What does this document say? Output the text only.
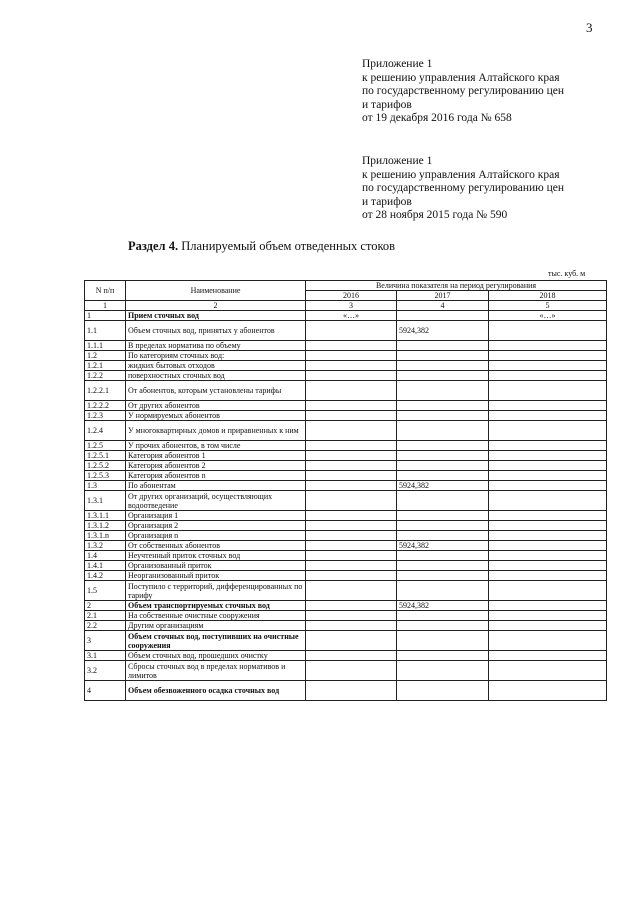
3
Приложение 1
к решению управления Алтайского края
по государственному регулированию цен
и тарифов
от 19 декабря 2016 года № 658
Приложение 1
к решению управления Алтайского края
по государственному регулированию цен
и тарифов
от 28 ноября 2015 года № 590
Раздел 4. Планируемый объем отведенных стоков
тыс. куб. м
N п/п	Наименование	Величина показателя на период регулирования		
		2016	2017	2018
1	2	3	4	5
1	Прием сточных вод	«…»		«…»
1.1	Объем сточных вод, принятых у абонентов		5924,382	
1.1.1	В пределах норматива по объему			
1.2	По категориям сточных вод:			
1.2.1	жидких бытовых отходов			
1.2.2	поверхностных сточных вод			
1.2.2.1	От абонентов, которым установлены тарифы			
1.2.2.2	От других абонентов			
1.2.3	У нормируемых абонентов			
1.2.4	У многоквартирных домов и приравненных к ним			
1.2.5	У прочих абонентов, в том числе			
1.2.5.1	Категория абонентов 1			
1.2.5.2	Категория абонентов 2			
1.2.5.3	Категория абонентов n			
1.3	По абонентам		5924,382	
1.3.1	От других организаций, осуществляющих водоотведение			
1.3.1.1	Организация 1			
1.3.1.2	Организация 2			
1.3.1.n	Организация n			
1.3.2	От собственных абонентов		5924,382	
1.4	Неучтенный приток сточных вод			
1.4.1	Организованный приток			
1.4.2	Неорганизованный приток			
1.5	Поступило с территорий, дифференцированных по тарифу			
2	Объем транспортируемых сточных вод		5924,382	
2.1	На собственные очистные сооружения			
2.2	Другим организациям			
3	Объем сточных вод, поступивших на очистные сооружения			
3.1	Объем сточных вод, прошедших очистку			
3.2	Сбросы сточных вод в пределах нормативов и лимитов			
4	Объем обезвоженного осадка сточных вод			
